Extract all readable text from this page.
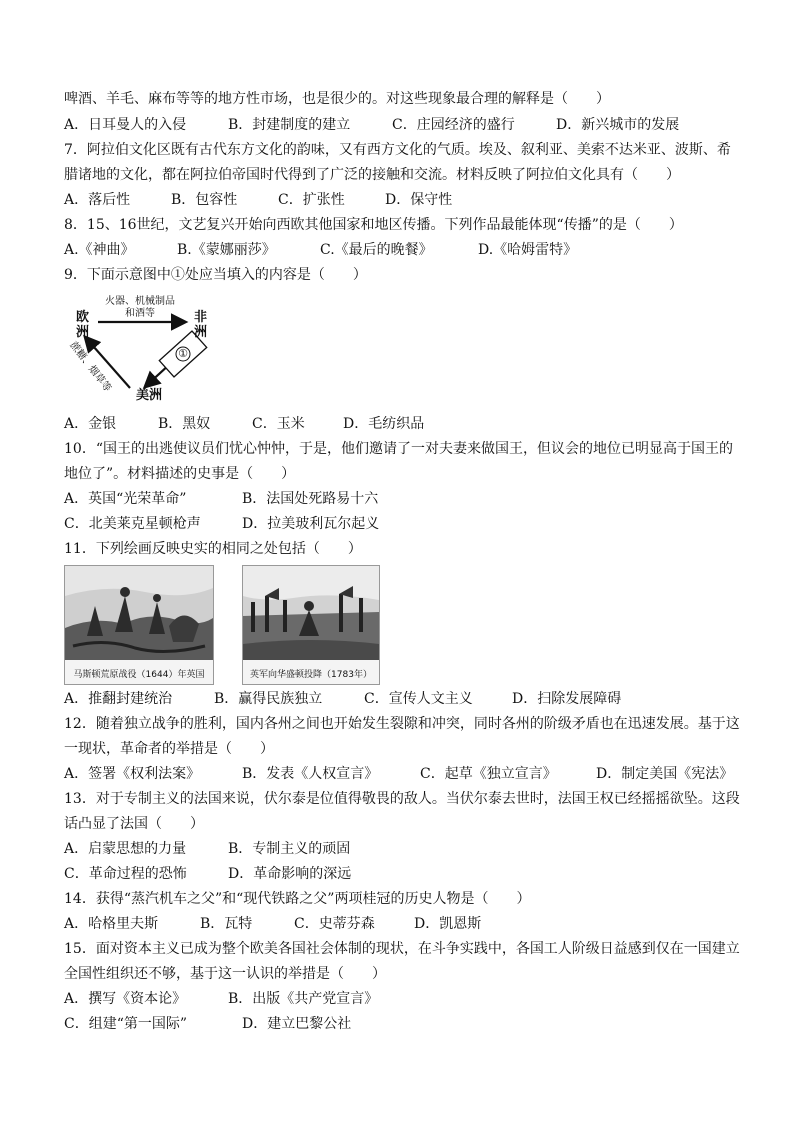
啤酒、羊毛、麻布等等的地方性市场，也是很少的。对这些现象最合理的解释是（　　）
A．日耳曼人的入侵	B．封建制度的建立	C．庄园经济的盛行	D．新兴城市的发展
7．阿拉伯文化区既有古代东方文化的韵味，又有西方文化的气质。埃及、叙利亚、美索不达米亚、波斯、希
腊诸地的文化，都在阿拉伯帝国时代得到了广泛的接触和交流。材料反映了阿拉伯文化具有（　　）
A．落后性	B．包容性	C．扩张性	D．保守性
8．15、16世纪，文艺复兴开始向西欧其他国家和地区传播。下列作品最能体现“传播”的是（　　）
A.《神曲》	B.《蒙娜丽莎》	C.《最后的晚餐》	D.《哈姆雷特》
9．下面示意图中①处应当填入的内容是（　　）
欧洲
非洲
美洲
火器、机械制品和酒等
蔗糖、烟草等	①
A．金银	B．黑奴	C．玉米	D．毛纺织品
10．“国王的出逃使议员们忧心忡忡，于是，他们邀请了一对夫妻来做国王，但议会的地位已明显高于国王的
地位了”。材料描述的史事是（　　）
A．英国“光荣革命”	B．法国处死路易十六
C．北美莱克星顿枪声	D．拉美玻利瓦尔起义
11．下列绘画反映史实的相同之处包括（　　）
马斯顿荒原战役（1644）年英国	英军向华盛顿投降（1783年）
A．推翻封建统治	B．赢得民族独立	C．宣传人文主义	D．扫除发展障碍
12．随着独立战争的胜利，国内各州之间也开始发生裂隙和冲突，同时各州的阶级矛盾也在迅速发展。基于这
一现状，革命者的举措是（　　）
A．签署《权利法案》	B．发表《人权宣言》	C．起草《独立宣言》	D．制定美国《宪法》
13．对于专制主义的法国来说，伏尔泰是位值得敬畏的敌人。当伏尔泰去世时，法国王权已经摇摇欲坠。这段
话凸显了法国（　　）
A．启蒙思想的力量	B．专制主义的顽固
C．革命过程的恐怖	D．革命影响的深远
14．获得“蒸汽机车之父”和“现代铁路之父”两项桂冠的历史人物是（　　）
A．哈格里夫斯	B．瓦特	C．史蒂芬森	D．凯恩斯
15．面对资本主义已成为整个欧美各国社会体制的现状，在斗争实践中，各国工人阶级日益感到仅在一国建立
全国性组织还不够，基于这一认识的举措是（　　）
A．撰写《资本论》	B．出版《共产党宣言》
C．组建“第一国际”	D．建立巴黎公社
